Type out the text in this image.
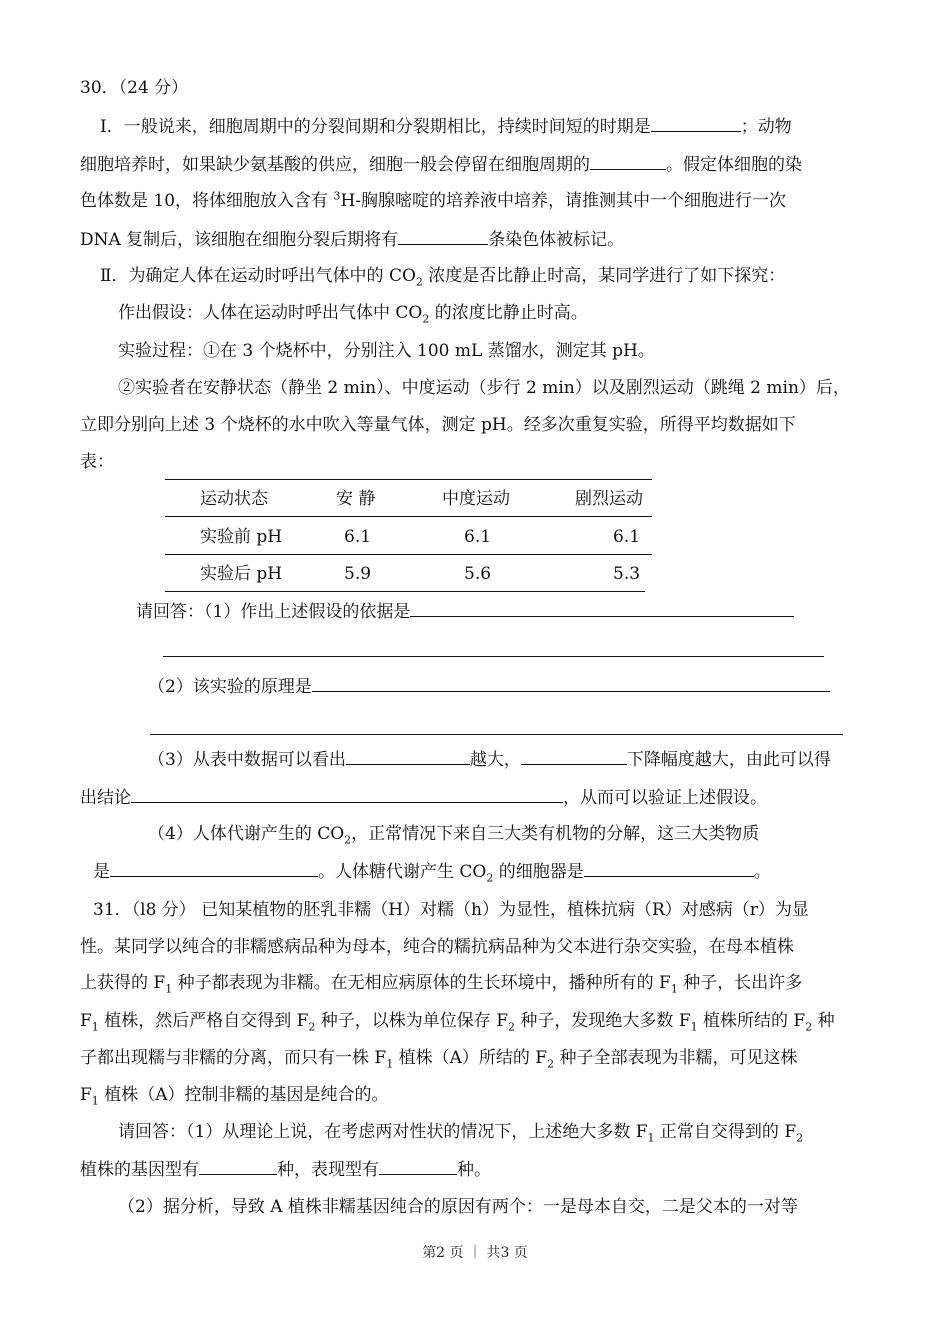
30．（24 分）
Ⅰ．一般说来，细胞周期中的分裂间期和分裂期相比，持续时间短的时期是	；动物
细胞培养时，如果缺少氨基酸的供应，细胞一般会停留在细胞周期的	。假定体细胞的染
色体数是 10，将体细胞放入含有 $^3$H-胸腺嘧啶的培养液中培养，请推测其中一个细胞进行一次
DNA 复制后，该细胞在细胞分裂后期将有	条染色体被标记。
Ⅱ．为确定人体在运动时呼出气体中的 $CO_2$ 浓度是否比静止时高，某同学进行了如下探究：
作出假设：人体在运动时呼出气体中 $CO_2$ 的浓度比静止时高。
实验过程：①在 3 个烧杯中，分别注入 100 mL 蒸馏水，测定其 pH。
②实验者在安静状态（静坐 2 min）、中度运动（步行 2 min）以及剧烈运动（跳绳 2 min）后，
立即分别向上述 3 个烧杯的水中吹入等量气体，测定 pH。经多次重复实验，所得平均数据如下
表：
运动状态	安 静	中度运动	剧烈运动
实验前 pH	6.1	6.1	6.1
实验后 pH	5.9	5.6	5.3
请回答：（1）作出上述假设的依据是
（2）该实验的原理是
（3）从表中数据可以看出	越大，	下降幅度越大，由此可以得
出结论	，从而可以验证上述假设。
（4）人体代谢产生的 $CO_2$，正常情况下来自三大类有机物的分解，这三大类物质
是	。人体糖代谢产生 $CO_2$ 的细胞器是	。
31．（l8 分） 已知某植物的胚乳非糯（H）对糯（h）为显性，植株抗病（R）对感病（r）为显
性。某同学以纯合的非糯感病品种为母本，纯合的糯抗病品种为父本进行杂交实验，在母本植株
上获得的 $F_1$ 种子都表现为非糯。在无相应病原体的生长环境中，播种所有的 $F_1$ 种子，长出许多
$F_1$ 植株，然后严格自交得到 $F_2$ 种子，以株为单位保存 $F_2$ 种子，发现绝大多数 $F_1$ 植株所结的 $F_2$ 种
子都出现糯与非糯的分离，而只有一株 $F_1$ 植株（A）所结的 $F_2$ 种子全部表现为非糯，可见这株
$F_1$ 植株（A）控制非糯的基因是纯合的。
请回答：（1）从理论上说，在考虑两对性状的情况下，上述绝大多数 $F_1$ 正常自交得到的 $F_2$
植株的基因型有	种，表现型有	种。
（2）据分析，导致 A 植株非糯基因纯合的原因有两个：一是母本自交，二是父本的一对等
第2 页 ｜ 共3 页
